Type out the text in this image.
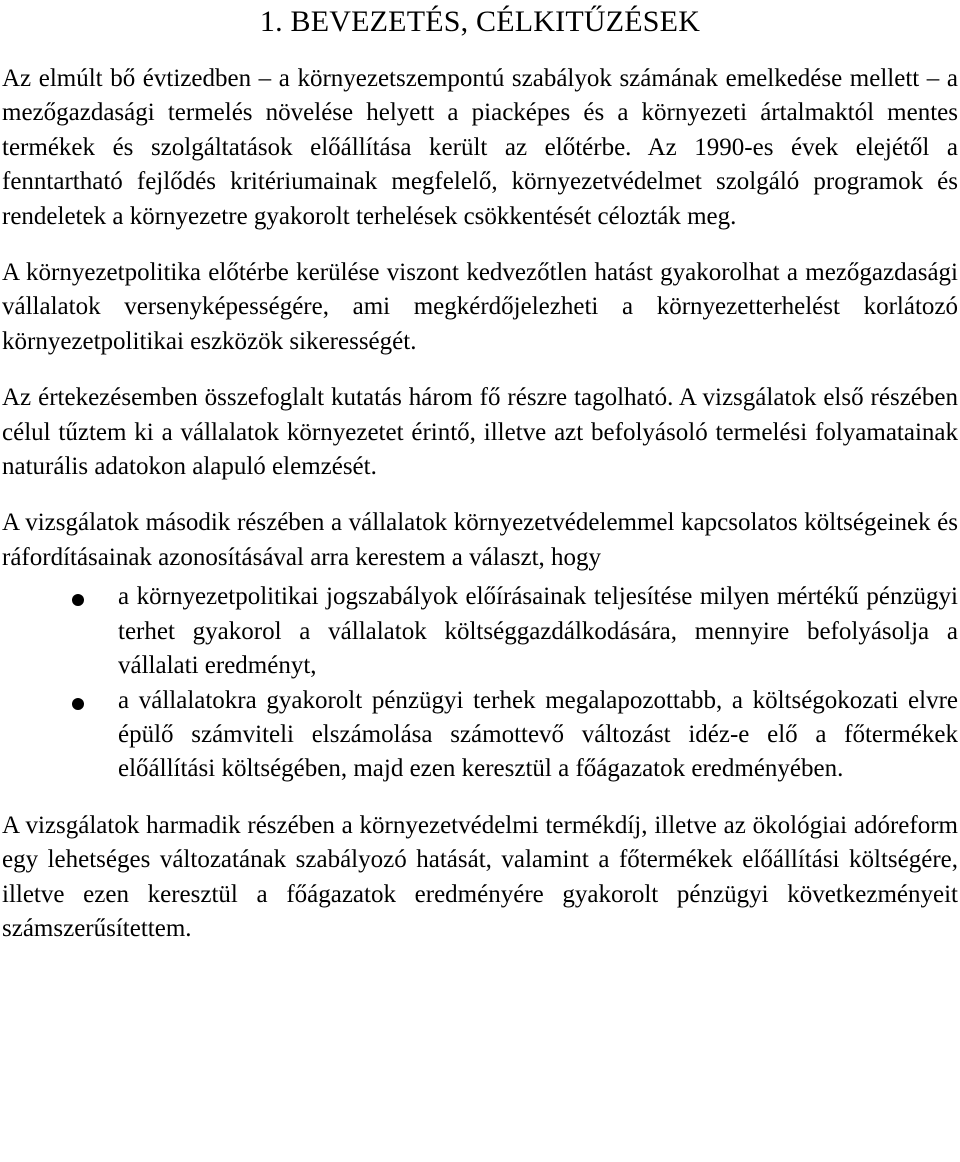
1. BEVEZETÉS, CÉLKITŰZÉSEK

Az elmúlt bő évtizedben – a környezetszempontú szabályok számának emelkedése mellett – a mezőgazdasági termelés növelése helyett a piacképes és a környezeti ártalmaktól mentes termékek és szolgáltatások előállítása került az előtérbe. Az 1990-es évek elejétől a fenntartható fejlődés kritériumainak megfelelő, környezetvédelmet szolgáló programok és rendeletek a környezetre gyakorolt terhelések csökkentését célozták meg.

A környezetpolitika előtérbe kerülése viszont kedvezőtlen hatást gyakorolhat a mezőgazdasági vállalatok versenyképességére, ami megkérdőjelezheti a környezetterhelést korlátozó környezetpolitikai eszközök sikerességét.

Az értekezésemben összefoglalt kutatás három fő részre tagolható. A vizsgálatok első részében célul tűztem ki a vállalatok környezetet érintő, illetve azt befolyásoló termelési folyamatainak naturális adatokon alapuló elemzését.

A vizsgálatok második részében a vállalatok környezetvédelemmel kapcsolatos költségeinek és ráfordításainak azonosításával arra kerestem a választ, hogy

a környezetpolitikai jogszabályok előírásainak teljesítése milyen mértékű pénzügyi terhet gyakorol a vállalatok költséggazdálkodására, mennyire befolyásolja a vállalati eredményt,
a vállalatokra gyakorolt pénzügyi terhek megalapozottabb, a költségokozati elvre épülő számviteli elszámolása számottevő változást idéz-e elő a főtermékek előállítási költségében, majd ezen keresztül a főágazatok eredményében.

A vizsgálatok harmadik részében a környezetvédelmi termékdíj, illetve az ökológiai adóreform egy lehetséges változatának szabályozó hatását, valamint a főtermékek előállítási költségére, illetve ezen keresztül a főágazatok eredményére gyakorolt pénzügyi következményeit számszerűsítettem.
